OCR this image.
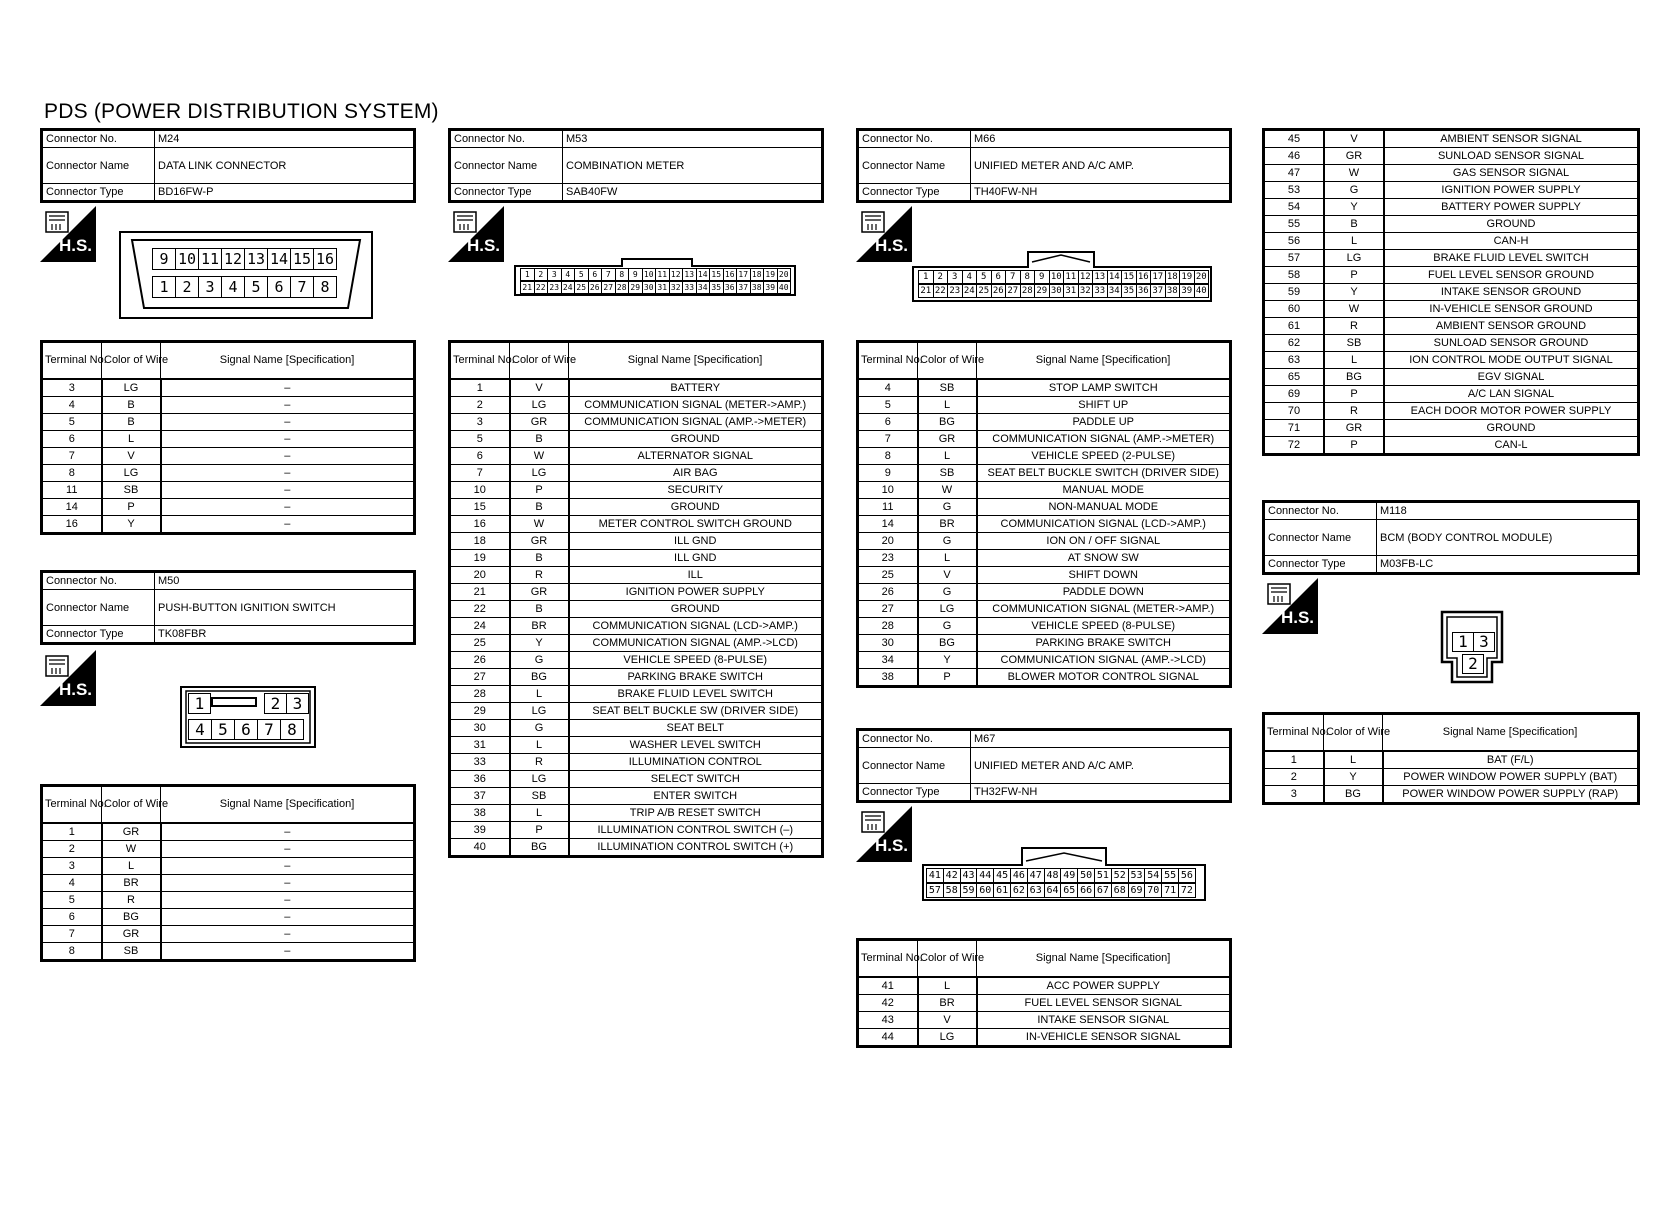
PDS (POWER DISTRIBUTION SYSTEM)
Connector No.	M24
Connector Name	DATA LINK CONNECTOR
Connector Type	BD16FW-P
H.S.
9 10 11 12 13 14 15 16
1 2 3 4 5 6 7 8
Terminal No.	Color of Wire	Signal Name [Specification]
3	LG	–
4	B	–
5	B	–
6	L	–
7	V	–
8	LG	–
11	SB	–
14	P	–
16	Y	–
Connector No.	M50
Connector Name	PUSH-BUTTON IGNITION SWITCH
Connector Type	TK08FBR
H.S.
1	2 3
4 5 6 7 8
Terminal No.	Color of Wire	Signal Name [Specification]
1	GR	–
2	W	–
3	L	–
4	BR	–
5	R	–
6	BG	–
7	GR	–
8	SB	–
Connector No.	M53
Connector Name	COMBINATION METER
Connector Type	SAB40FW
H.S.
1	2	3	4	5	6	7	8	9 10 11 12 13 14 15 16 17 18 19 20
21 22 23 24 25 26 27 28 29 30 31 32 33 34 35 36 37 38 39 40
Terminal No.	Color of Wire	Signal Name [Specification]
1	V	BATTERY
2	LG	COMMUNICATION SIGNAL (METER->AMP.)
3	GR	COMMUNICATION SIGNAL (AMP.->METER)
5	B	GROUND
6	W	ALTERNATOR SIGNAL
7	LG	AIR BAG
10	P	SECURITY
15	B	GROUND
16	W	METER CONTROL SWITCH GROUND
18	GR	ILL GND
19	B	ILL GND
20	R	ILL
21	GR	IGNITION POWER SUPPLY
22	B	GROUND
24	BR	COMMUNICATION SIGNAL (LCD->AMP.)
25	Y	COMMUNICATION SIGNAL (AMP.->LCD)
26	G	VEHICLE SPEED (8-PULSE)
27	BG	PARKING BRAKE SWITCH
28	L	BRAKE FLUID LEVEL SWITCH
29	LG	SEAT BELT BUCKLE SW (DRIVER SIDE)
30	G	SEAT BELT
31	L	WASHER LEVEL SWITCH
33	R	ILLUMINATION CONTROL
36	LG	SELECT SWITCH
37	SB	ENTER SWITCH
38	L	TRIP A/B RESET SWITCH
39	P	ILLUMINATION CONTROL SWITCH (–)
40	BG	ILLUMINATION CONTROL SWITCH (+)
Connector No.	M66
Connector Name	UNIFIED METER AND A/C AMP.
Connector Type	TH40FW-NH
H.S.
1	2	3	4	5	6	7	8	9 10 11 12 13 14 15 16 17 18 19 20
21 22 23 24 25 26 27 28 29 30 31 32 33 34 35 36 37 38 39 40
Terminal No.	Color of Wire	Signal Name [Specification]
4	SB	STOP LAMP SWITCH
5	L	SHIFT UP
6	BG	PADDLE UP
7	GR	COMMUNICATION SIGNAL (AMP.->METER)
8	L	VEHICLE SPEED (2-PULSE)
9	SB	SEAT BELT BUCKLE SWITCH (DRIVER SIDE)
10	W	MANUAL MODE
11	G	NON-MANUAL MODE
14	BR	COMMUNICATION SIGNAL (LCD->AMP.)
20	G	ION ON / OFF SIGNAL
23	L	AT SNOW SW
25	V	SHIFT DOWN
26	G	PADDLE DOWN
27	LG	COMMUNICATION SIGNAL (METER->AMP.)
28	G	VEHICLE SPEED (8-PULSE)
30	BG	PARKING BRAKE SWITCH
34	Y	COMMUNICATION SIGNAL (AMP.->LCD)
38	P	BLOWER MOTOR CONTROL SIGNAL
Connector No.	M67
Connector Name	UNIFIED METER AND A/C AMP.
Connector Type	TH32FW-NH
H.S.
41 42 43 44 45 46 47 48 49 50 51 52 53 54 55 56
57 58 59 60 61 62 63 64 65 66 67 68 69 70 71 72
Terminal No.	Color of Wire	Signal Name [Specification]
41	L	ACC POWER SUPPLY
42	BR	FUEL LEVEL SENSOR SIGNAL
43	V	INTAKE SENSOR SIGNAL
44	LG	IN-VEHICLE SENSOR SIGNAL
45	V	AMBIENT SENSOR SIGNAL
46	GR	SUNLOAD SENSOR SIGNAL
47	W	GAS SENSOR SIGNAL
53	G	IGNITION POWER SUPPLY
54	Y	BATTERY POWER SUPPLY
55	B	GROUND
56	L	CAN-H
57	LG	BRAKE FLUID LEVEL SWITCH
58	P	FUEL LEVEL SENSOR GROUND
59	Y	INTAKE SENSOR GROUND
60	W	IN-VEHICLE SENSOR GROUND
61	R	AMBIENT SENSOR GROUND
62	SB	SUNLOAD SENSOR GROUND
63	L	ION CONTROL MODE OUTPUT SIGNAL
65	BG	EGV SIGNAL
69	P	A/C LAN SIGNAL
70	R	EACH DOOR MOTOR POWER SUPPLY
71	GR	GROUND
72	P	CAN-L
Connector No.	M118
Connector Name	BCM (BODY CONTROL MODULE)
Connector Type	M03FB-LC
H.S.
1 3
2
Terminal No.	Color of Wire	Signal Name [Specification]
1	L	BAT (F/L)
2	Y	POWER WINDOW POWER SUPPLY (BAT)
3	BG	POWER WINDOW POWER SUPPLY (RAP)
